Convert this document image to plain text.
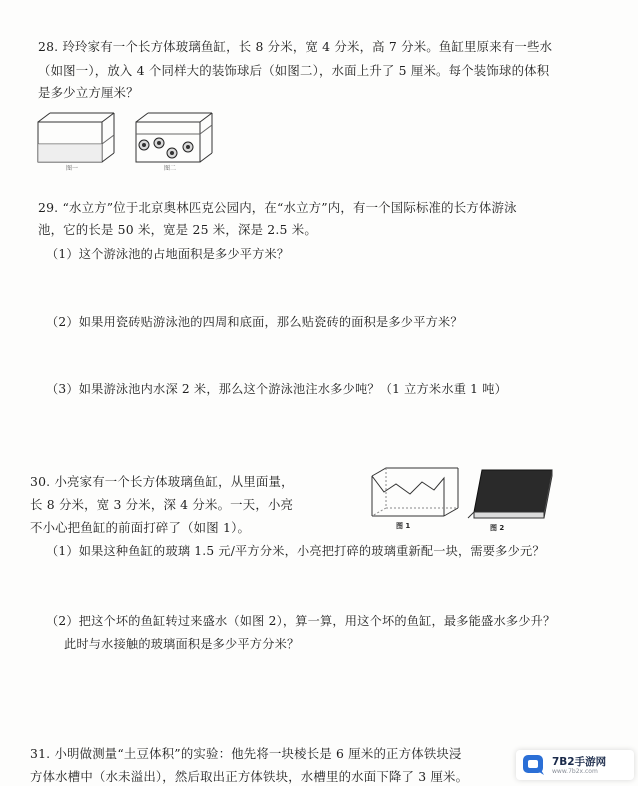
28. 玲玲家有一个长方体玻璃鱼缸，长 8 分米，宽 4 分米，高 7 分米。鱼缸里原来有一些水

（如图一），放入 4 个同样大的装饰球后（如图二），水面上升了 5 厘米。每个装饰球的体积

是多少立方厘米？

图一	图二

29. “水立方”位于北京奥林匹克公园内，在“水立方”内，有一个国际标准的长方体游泳

池，它的长是 50 米，宽是 25 米，深是 2.5 米。

（1）这个游泳池的占地面积是多少平方米？

（2）如果用瓷砖贴游泳池的四周和底面，那么贴瓷砖的面积是多少平方米？

（3）如果游泳池内水深 2 米，那么这个游泳池注水多少吨？（1 立方米水重 1 吨）

30. 小亮家有一个长方体玻璃鱼缸，从里面量，

长 8 分米，宽 3 分米，深 4 分米。一天，小亮

不小心把鱼缸的前面打碎了（如图 1）。	图 1	图 2

（1）如果这种鱼缸的玻璃 1.5 元/平方分米，小亮把打碎的玻璃重新配一块，需要多少元？

（2）把这个坏的鱼缸转过来盛水（如图 2），算一算，用这个坏的鱼缸，最多能盛水多少升？

此时与水接触的玻璃面积是多少平方分米？

31. 小明做测量“土豆体积”的实验：他先将一块棱长是 6 厘米的正方体铁块浸

方体水槽中（水未溢出），然后取出正方体铁块，水槽里的水面下降了 3 厘米。

7B2手游网
www.7b2x.com
